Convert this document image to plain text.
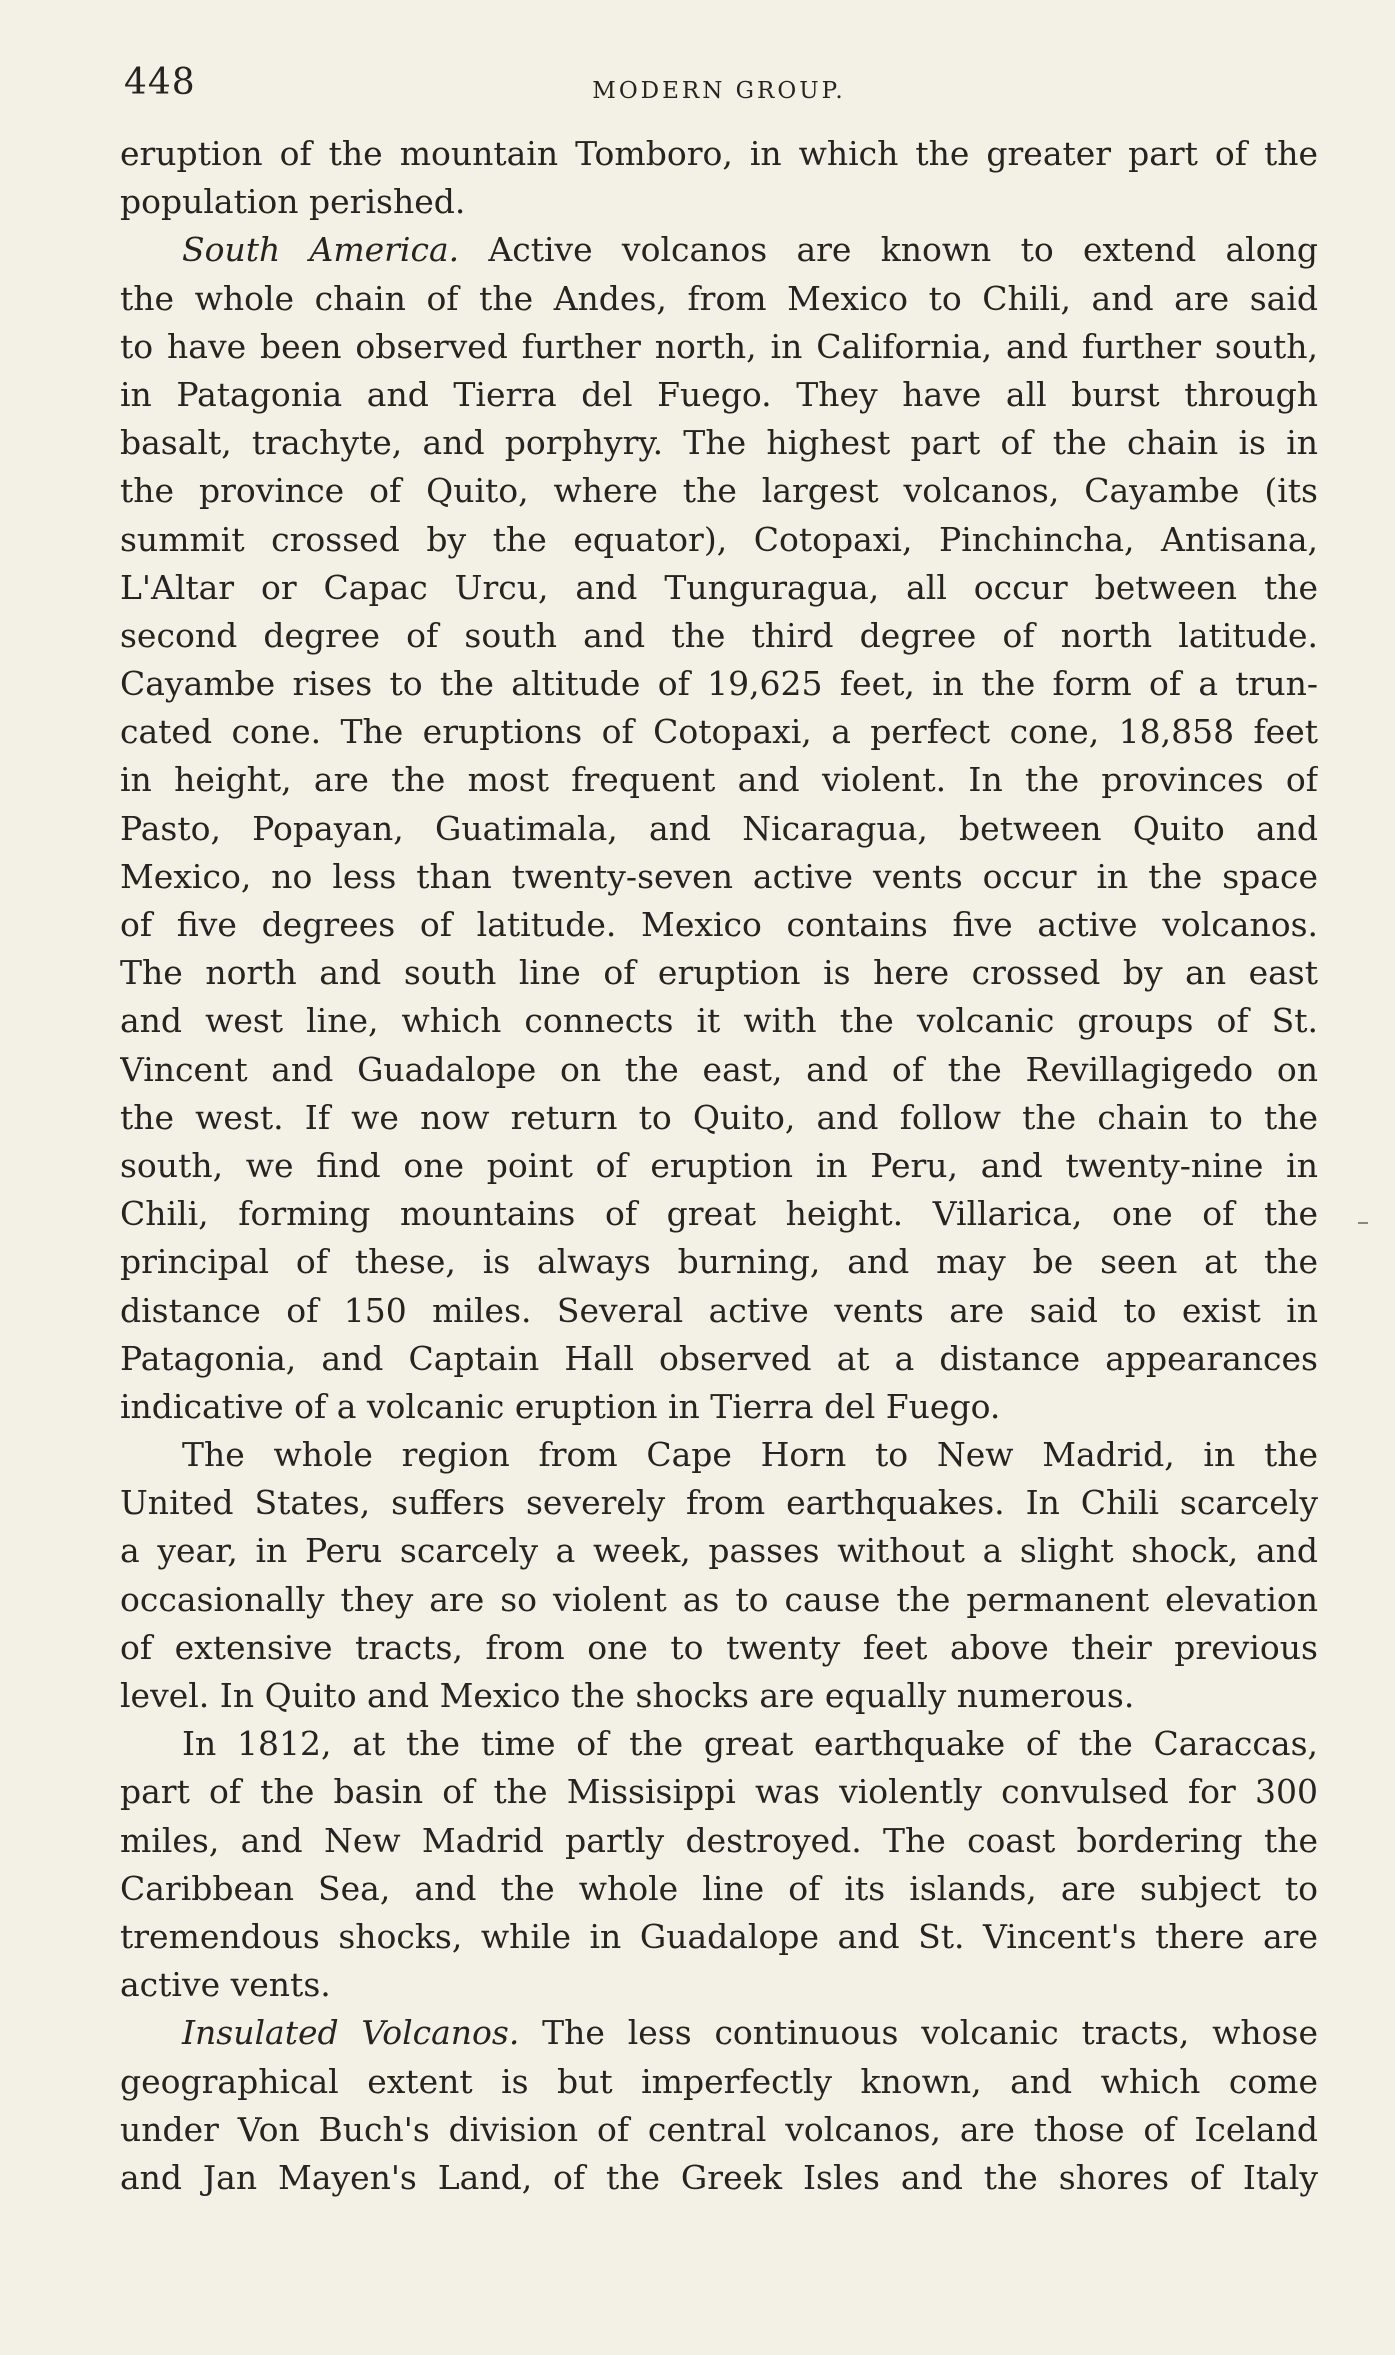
448	MODERN GROUP.
eruption of the mountain Tomboro, in which the greater part of the
population perished.
South America. Active volcanos are known to extend along
the whole chain of the Andes, from Mexico to Chili, and are said
to have been observed further north, in California, and further south,
in Patagonia and Tierra del Fuego. They have all burst through
basalt, trachyte, and porphyry. The highest part of the chain is in
the province of Quito, where the largest volcanos, Cayambe (its
summit crossed by the equator), Cotopaxi, Pinchincha, Antisana,
L'Altar or Capac Urcu, and Tunguragua, all occur between the
second degree of south and the third degree of north latitude.
Cayambe rises to the altitude of 19,625 feet, in the form of a trun-
cated cone. The eruptions of Cotopaxi, a perfect cone, 18,858 feet
in height, are the most frequent and violent. In the provinces of
Pasto, Popayan, Guatimala, and Nicaragua, between Quito and
Mexico, no less than twenty-seven active vents occur in the space
of five degrees of latitude. Mexico contains five active volcanos.
The north and south line of eruption is here crossed by an east
and west line, which connects it with the volcanic groups of St.
Vincent and Guadalope on the east, and of the Revillagigedo on
the west. If we now return to Quito, and follow the chain to the
south, we find one point of eruption in Peru, and twenty-nine in
Chili, forming mountains of great height. Villarica, one of the
principal of these, is always burning, and may be seen at the
distance of 150 miles. Several active vents are said to exist in
Patagonia, and Captain Hall observed at a distance appearances
indicative of a volcanic eruption in Tierra del Fuego.
The whole region from Cape Horn to New Madrid, in the
United States, suffers severely from earthquakes. In Chili scarcely
a year, in Peru scarcely a week, passes without a slight shock, and
occasionally they are so violent as to cause the permanent elevation
of extensive tracts, from one to twenty feet above their previous
level. In Quito and Mexico the shocks are equally numerous.
In 1812, at the time of the great earthquake of the Caraccas,
part of the basin of the Missisippi was violently convulsed for 300
miles, and New Madrid partly destroyed. The coast bordering the
Caribbean Sea, and the whole line of its islands, are subject to
tremendous shocks, while in Guadalope and St. Vincent's there are
active vents.
Insulated Volcanos. The less continuous volcanic tracts, whose
geographical extent is but imperfectly known, and which come
under Von Buch's division of central volcanos, are those of Iceland
and Jan Mayen's Land, of the Greek Isles and the shores of Italy
